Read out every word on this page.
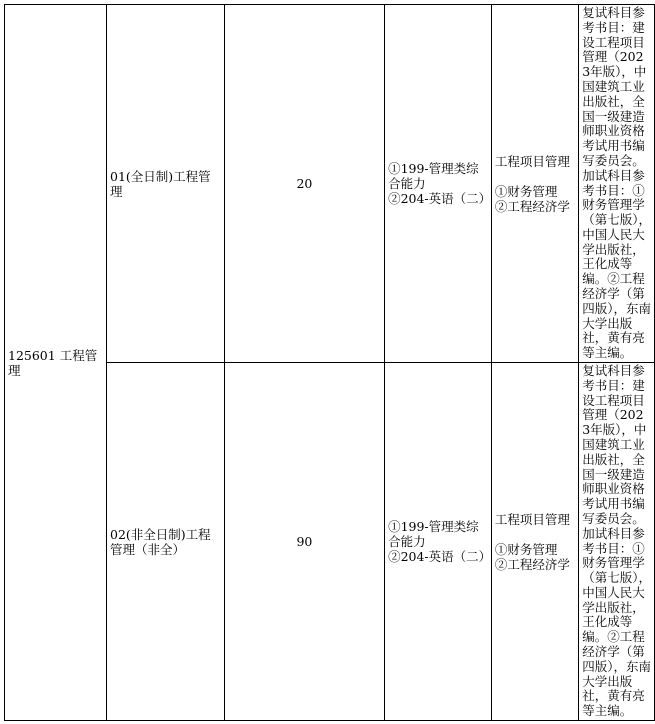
125601 工程管理	01(全日制)工程管理	20	①199-管理类综合能力
②204-英语（二）	工程项目管理
①财务管理
②工程经济学	复试科目参考书目：建设工程项目管理（2023年版），中国建筑工业出版社，全国一级建造师职业资格考试用书编写委员会。加试科目参考书目：①财务管理学（第七版），中国人民大学出版社，王化成等编。②工程经济学（第四版），东南大学出版社，黄有亮等主编。
	02(非全日制)工程管理（非全）	90	①199-管理类综合能力
②204-英语（二）	工程项目管理
①财务管理
②工程经济学	复试科目参考书目：建设工程项目管理（2023年版），中国建筑工业出版社，全国一级建造师职业资格考试用书编写委员会。加试科目参考书目：①财务管理学（第七版），中国人民大学出版社，王化成等编。②工程经济学（第四版），东南大学出版社，黄有亮等主编。
